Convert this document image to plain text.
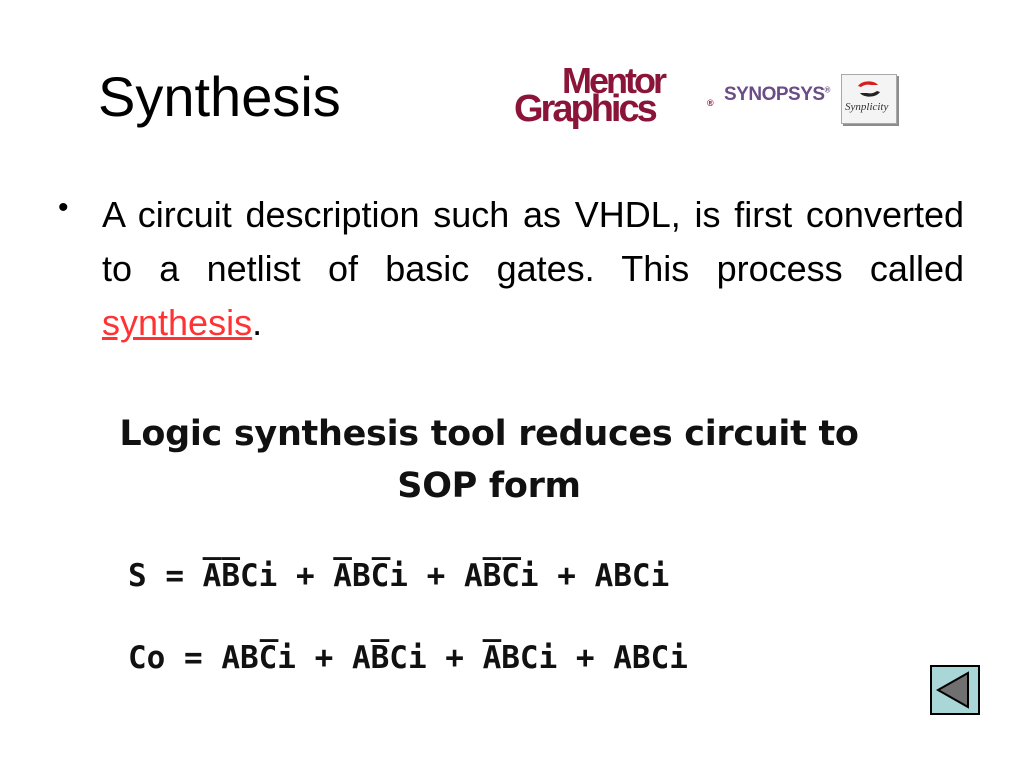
Synthesis	Mentor
Graphics	® SYNOPSYS®
Synplicity
• A circuit description such as VHDL, is first converted to a netlist of basic gates. This process called synthesis.
Logic synthesis tool reduces circuit to SOP form
S = A̅B̅Ci + A̅BC̅i + AB̅C̅i + ABCi
Co = ABC̅i + AB̅Ci + A̅BCi + ABCi
